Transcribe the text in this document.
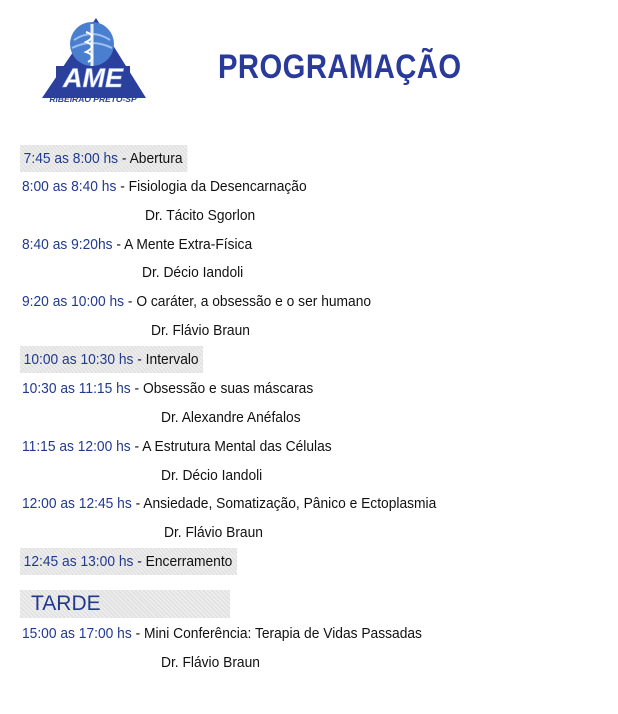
AME
RIBEIRÃO PRETO-SP
PROGRAMAÇÃO
7:45 as 8:00 hs - Abertura
8:00 as 8:40 hs - Fisiologia da Desencarnação
Dr. Tácito Sgorlon
8:40 as 9:20hs - A Mente Extra-Física
Dr. Décio Iandoli
9:20 as 10:00 hs - O caráter, a obsessão e o ser humano
Dr. Flávio Braun
10:00 as 10:30 hs - Intervalo
10:30 as 11:15 hs - Obsessão e suas máscaras
Dr. Alexandre Anéfalos
11:15 as 12:00 hs - A Estrutura Mental das Células
Dr. Décio Iandoli
12:00 as 12:45 hs - Ansiedade, Somatização, Pânico e Ectoplasmia
Dr. Flávio Braun
12:45 as 13:00 hs - Encerramento
TARDE
15:00 as 17:00 hs - Mini Conferência: Terapia de Vidas Passadas
Dr. Flávio Braun
